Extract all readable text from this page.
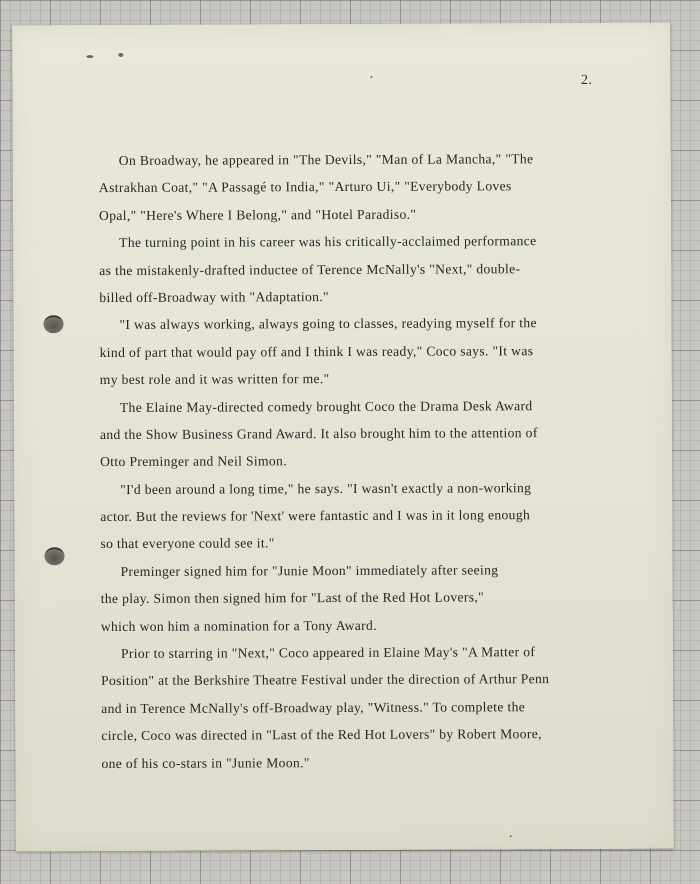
2.
On Broadway, he appeared in "The Devils," "Man of La Mancha," "The
Astrakhan Coat," "A Passagé to India," "Arturo Ui," "Everybody Loves
Opal," "Here's Where I Belong," and "Hotel Paradiso."
The turning point in his career was his critically-acclaimed performance
as the mistakenly-drafted inductee of Terence McNally's "Next," double-
billed off-Broadway with "Adaptation."
"I was always working, always going to classes, readying myself for the
kind of part that would pay off and I think I was ready," Coco says. "It was
my best role and it was written for me."
The Elaine May-directed comedy brought Coco the Drama Desk Award
and the Show Business Grand Award. It also brought him to the attention of
Otto Preminger and Neil Simon.
"I'd been around a long time," he says. "I wasn't exactly a non-working
actor. But the reviews for 'Next' were fantastic and I was in it long enough
so that everyone could see it."
Preminger signed him for "Junie Moon" immediately after seeing
the play. Simon then signed him for "Last of the Red Hot Lovers,"
which won him a nomination for a Tony Award.
Prior to starring in "Next," Coco appeared in Elaine May's "A Matter of
Position" at the Berkshire Theatre Festival under the direction of Arthur Penn
and in Terence McNally's off-Broadway play, "Witness." To complete the
circle, Coco was directed in "Last of the Red Hot Lovers" by Robert Moore,
one of his co-stars in "Junie Moon."
